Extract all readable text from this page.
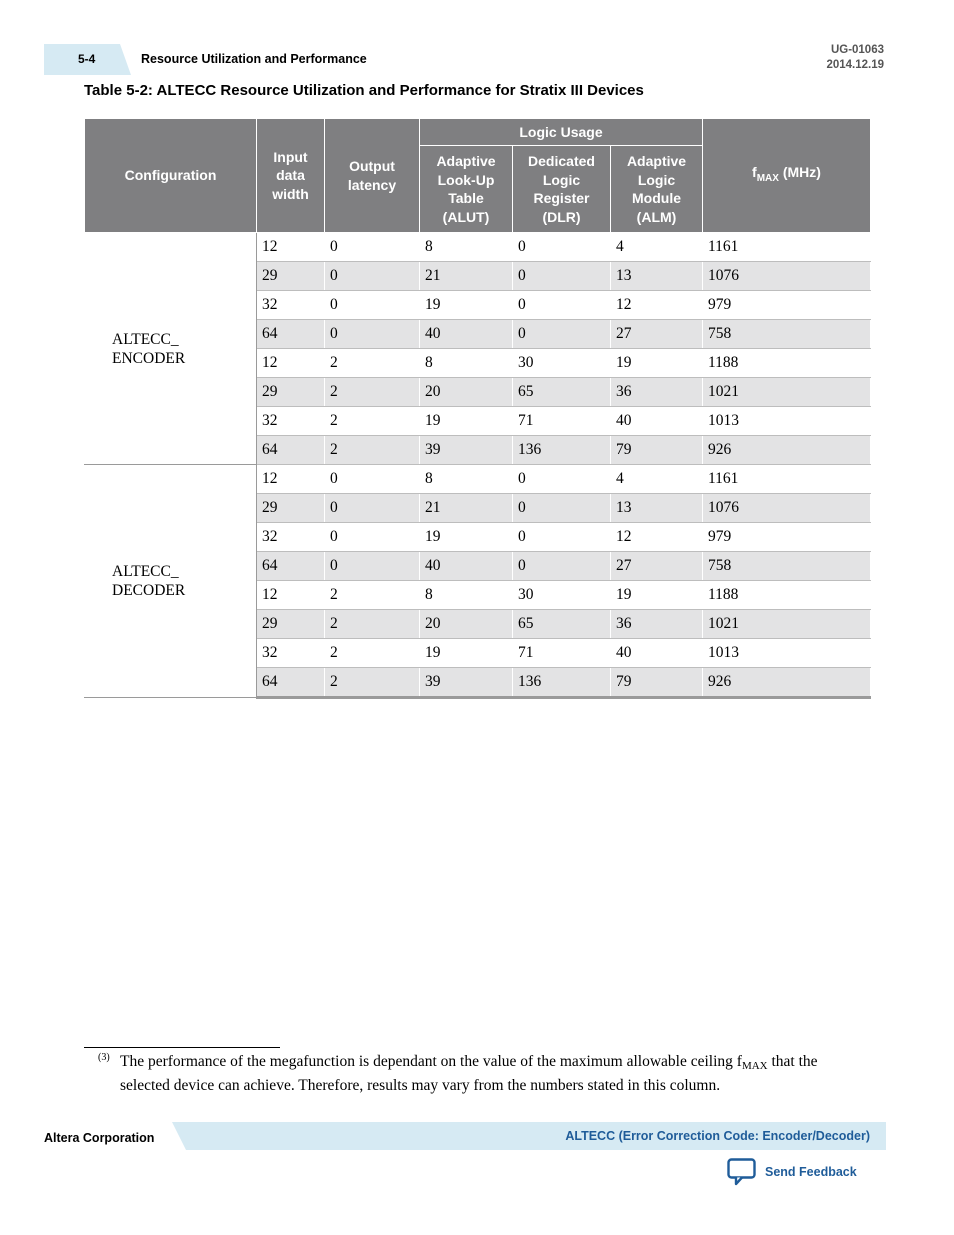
5-4	Resource Utilization and Performance
UG-01063
2014.12.19
Table 5-2: ALTECC Resource Utilization and Performance for Stratix III Devices
Configuration	Input data width	Output latency	Logic Usage			$f_{MAX}$ (MHz)
			Adaptive Look-Up Table (ALUT)	Dedicated Logic Register (DLR)	Adaptive Logic Module (ALM)	
ALTECC_
ENCODER	12	0	8	0	4	1161
	29	0	21	0	13	1076
	32	0	19	0	12	979
	64	0	40	0	27	758
	12	2	8	30	19	1188
	29	2	20	65	36	1021
	32	2	19	71	40	1013
	64	2	39	136	79	926
ALTECC_
DECODER	12	0	8	0	4	1161
	29	0	21	0	13	1076
	32	0	19	0	12	979
	64	0	40	0	27	758
	12	2	8	30	19	1188
	29	2	20	65	36	1021
	32	2	19	71	40	1013
	64	2	39	136	79	926
(3) The performance of the megafunction is dependant on the value of the maximum allowable ceiling $f_{MAX}$ that the selected device can achieve. Therefore, results may vary from the numbers stated in this column.
Altera Corporation	ALTECC (Error Correction Code: Encoder/Decoder)
Send Feedback
